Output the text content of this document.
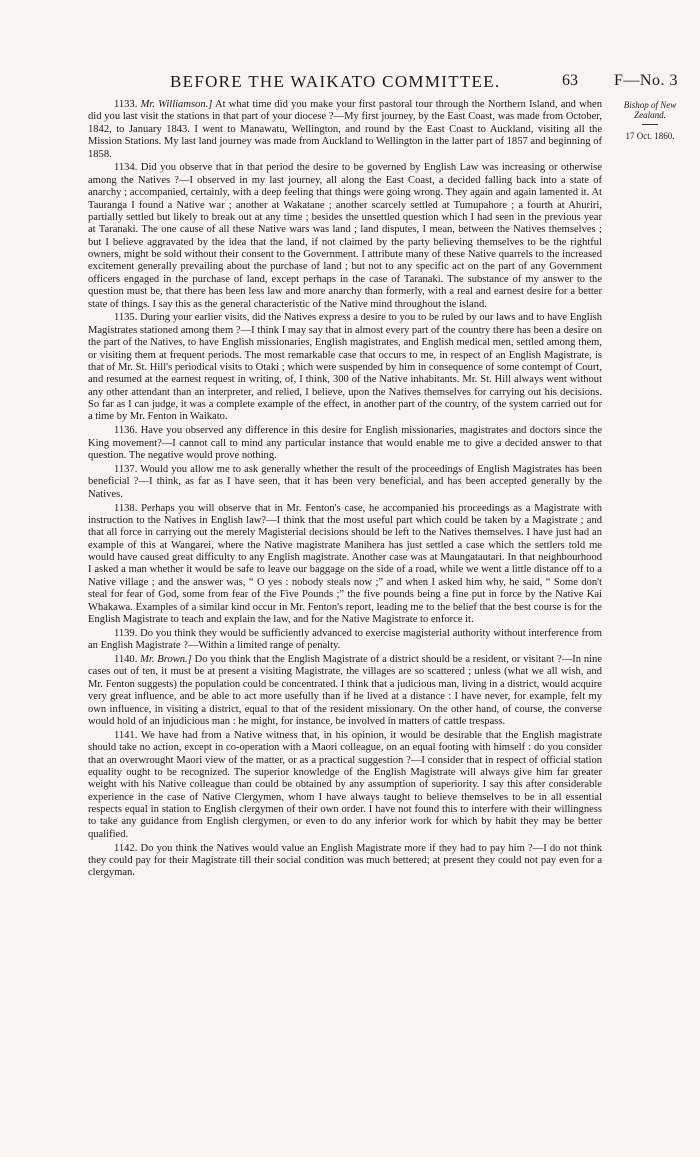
BEFORE THE WAIKATO COMMITTEE.	63 F—No. 3
Bishop of New Zealand.
17 Oct. 1860.

1133. Mr. Williamson.] At what time did you make your first pastoral tour through the Northern Island, and when did you last visit the stations in that part of your diocese ?—My first journey, by the East Coast, was made from October, 1842, to January 1843. I went to Manawatu, Wellington, and round by the East Coast to Auckland, visiting all the Mission Stations. My last land journey was made from Auckland to Wellington in the latter part of 1857 and beginning of 1858.

1134. Did you observe that in that period the desire to be governed by English Law was increasing or otherwise among the Natives ?—I observed in my last journey, all along the East Coast, a decided falling back into a state of anarchy ; accompanied, certainly, with a deep feeling that things were going wrong. They again and again lamented it. At Tauranga I found a Native war ; another at Wakatane ; another scarcely settled at Tumupahore ; a fourth at Ahuriri, partially settled but likely to break out at any time ; besides the unsettled question which I had seen in the previous year at Taranaki. The one cause of all these Native wars was land ; land disputes, I mean, between the Natives themselves ; but I believe aggravated by the idea that the land, if not claimed by the party believing themselves to be the rightful owners, might be sold without their consent to the Government. I attribute many of these Native quarrels to the increased excitement generally prevailing about the purchase of land ; but not to any specific act on the part of any Government officers engaged in the purchase of land, except perhaps in the case of Taranaki. The substance of my answer to the question must be, that there has been less law and more anarchy than formerly, with a real and earnest desire for a better state of things. I say this as the general characteristic of the Native mind throughout the island.

1135. During your earlier visits, did the Natives express a desire to you to be ruled by our laws and to have English Magistrates stationed among them ?—I think I may say that in almost every part of the country there has been a desire on the part of the Natives, to have English missionaries, English magistrates, and English medical men, settled among them, or visiting them at frequent periods. The most remarkable case that occurs to me, in respect of an English Magistrate, is that of Mr. St. Hill's periodical visits to Otaki ; which were suspended by him in consequence of some contempt of Court, and resumed at the earnest request in writing, of, I think, 300 of the Native inhabitants. Mr. St. Hill always went without any other attendant than an interpreter, and relied, I believe, upon the Natives themselves for carrying out his decisions. So far as I can judge, it was a complete example of the effect, in another part of the country, of the system carried out for a time by Mr. Fenton in Waikato.

1136. Have you observed any difference in this desire for English missionaries, magistrates and doctors since the King movement?—I cannot call to mind any particular instance that would enable me to give a decided answer to that question. The negative would prove nothing.

1137. Would you allow me to ask generally whether the result of the proceedings of English Magistrates has been beneficial ?—I think, as far as I have seen, that it has been very beneficial, and has been accepted generally by the Natives.

1138. Perhaps you will observe that in Mr. Fenton's case, he accompanied his proceedings as a Magistrate with instruction to the Natives in English law?—I think that the most useful part which could be taken by a Magistrate ; and that all force in carrying out the merely Magisterial decisions should be left to the Natives themselves. I have just had an example of this at Wangarei, where the Native magistrate Manihera has just settled a case which the settlers told me would have caused great difficulty to any English magistrate. Another case was at Maungatautari. In that neighbourhood I asked a man whether it would be safe to leave our baggage on the side of a road, while we went a little distance off to a Native village ; and the answer was, “ O yes : nobody steals now ;” and when I asked him why, he said, “ Some don't steal for fear of God, some from fear of the Five Pounds ;” the five pounds being a fine put in force by the Native Kai Whakawa. Examples of a similar kind occur in Mr. Fenton's report, leading me to the belief that the best course is for the English Magistrate to teach and explain the law, and for the Native Magistrate to enforce it.

1139. Do you think they would be sufficiently advanced to exercise magisterial authority without interference from an English Magistrate ?—Within a limited range of penalty.

1140. Mr. Brown.] Do you think that the English Magistrate of a district should be a resident, or visitant ?—In nine cases out of ten, it must be at present a visiting Magistrate, the villages are so scattered ; unless (what we all wish, and Mr. Fenton suggests) the population could be concentrated. I think that a judicious man, living in a district, would acquire very great influence, and be able to act more usefully than if he lived at a distance : I have never, for example, felt my own influence, in visiting a district, equal to that of the resident missionary. On the other hand, of course, the converse would hold of an injudicious man : he might, for instance, be involved in matters of cattle trespass.

1141. We have had from a Native witness that, in his opinion, it would be desirable that the English magistrate should take no action, except in co-operation with a Maori colleague, on an equal footing with himself : do you consider that an overwrought Maori view of the matter, or as a practical suggestion ?—I consider that in respect of official station equality ought to be recognized. The superior knowledge of the English Magistrate will always give him far greater weight with his Native colleague than could be obtained by any assumption of superiority. I say this after considerable experience in the case of Native Clergymen, whom I have always taught to believe themselves to be in all essential respects equal in station to English clergymen of their own order. I have not found this to interfere with their willingness to take any guidance from English clergymen, or even to do any inferior work for which by habit they may be better qualified.

1142. Do you think the Natives would value an English Magistrate more if they had to pay him ?—I do not think they could pay for their Magistrate till their social condition was much bettered; at present they could not pay even for a clergyman.
